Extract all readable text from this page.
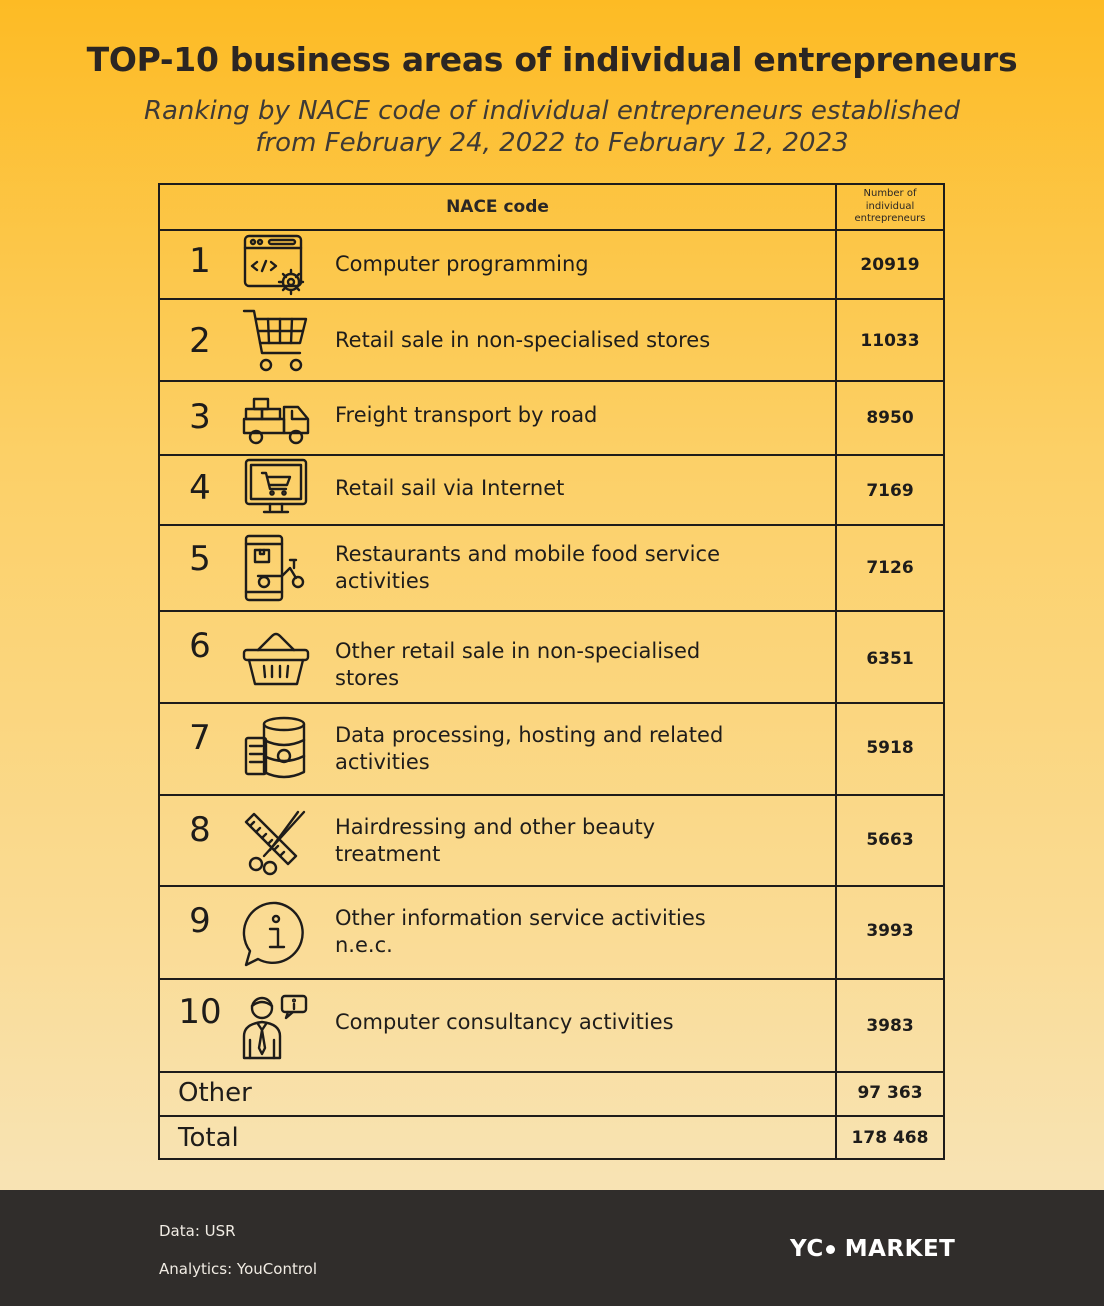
TOP-10 business areas of individual entrepreneurs
Ranking by NACE code of individual entrepreneurs established
from February 24, 2022 to February 12, 2023
NACE code
Number of
individual
entrepreneurs
1	Computer programming	20919
2	Retail sale in non-specialised stores	11033
3	Freight transport by road	8950
4	Retail sail via Internet	7169
5	Restaurants and mobile food service
activities
7126
6	Other retail sale in non-specialised
stores
6351
7	Data processing, hosting and related
activities
5918
8	Hairdressing and other beauty
treatment
5663
9	Other information service activities
n.e.c.
3993
10	Computer consultancy activities	3983
Other	97 363
Total	178 468
Data: USR
Analytics: YouControl
YC MARKET
